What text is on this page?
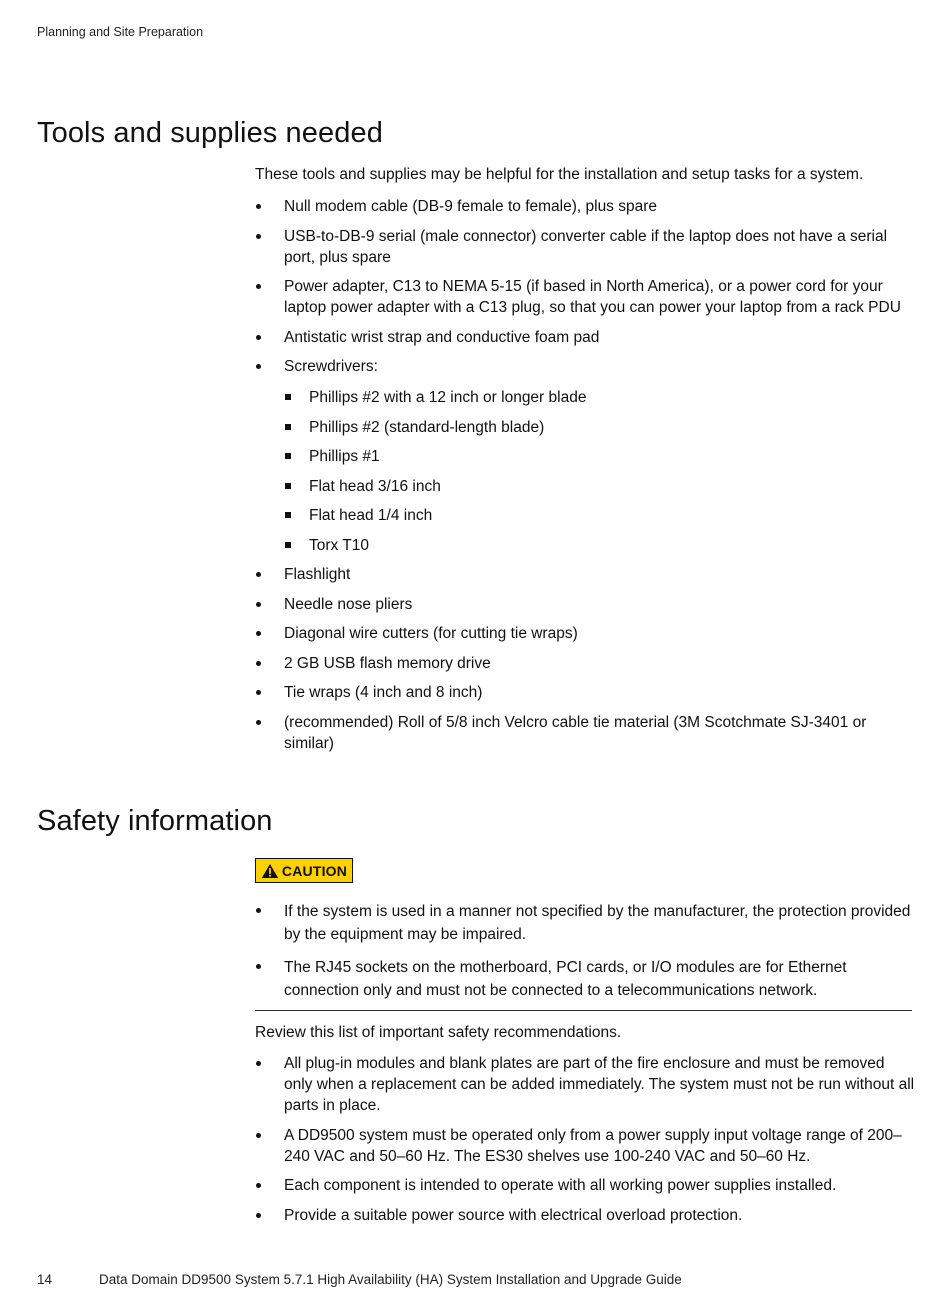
Planning and Site Preparation
Tools and supplies needed
These tools and supplies may be helpful for the installation and setup tasks for a system.
Null modem cable (DB-9 female to female), plus spare
USB-to-DB-9 serial (male connector) converter cable if the laptop does not have a serial port, plus spare
Power adapter, C13 to NEMA 5-15 (if based in North America), or a power cord for your laptop power adapter with a C13 plug, so that you can power your laptop from a rack PDU
Antistatic wrist strap and conductive foam pad
Screwdrivers:
Phillips #2 with a 12 inch or longer blade
Phillips #2 (standard-length blade)
Phillips #1
Flat head 3/16 inch
Flat head 1/4 inch
Torx T10
Flashlight
Needle nose pliers
Diagonal wire cutters (for cutting tie wraps)
2 GB USB flash memory drive
Tie wraps (4 inch and 8 inch)
(recommended) Roll of 5/8 inch Velcro cable tie material (3M Scotchmate SJ-3401 or similar)
Safety information
CAUTION
If the system is used in a manner not specified by the manufacturer, the protection provided by the equipment may be impaired.
The RJ45 sockets on the motherboard, PCI cards, or I/O modules are for Ethernet connection only and must not be connected to a telecommunications network.
Review this list of important safety recommendations.
All plug-in modules and blank plates are part of the fire enclosure and must be removed only when a replacement can be added immediately. The system must not be run without all parts in place.
A DD9500 system must be operated only from a power supply input voltage range of 200–240 VAC and 50–60 Hz. The ES30 shelves use 100-240 VAC and 50–60 Hz.
Each component is intended to operate with all working power supplies installed.
Provide a suitable power source with electrical overload protection.
14	Data Domain DD9500 System 5.7.1 High Availability (HA) System Installation and Upgrade Guide
